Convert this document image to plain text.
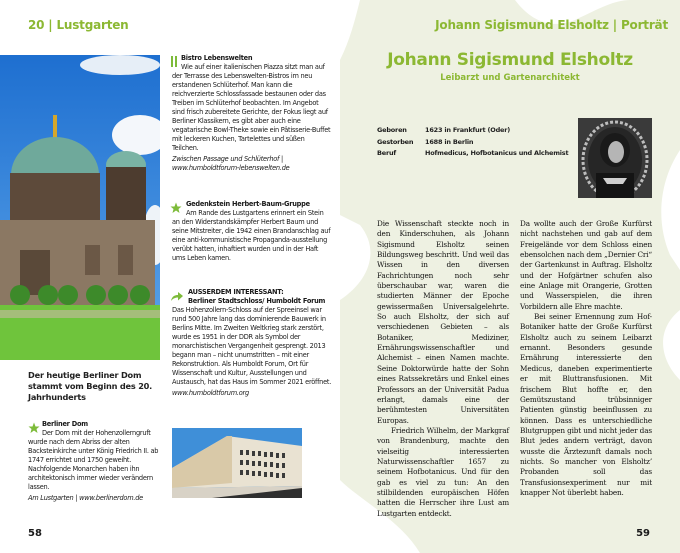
20 | Lustgarten
Der heutige Berliner Dom stammt vom Beginn des 20. Jahrhunderts
Bistro Lebenswelten
Wie auf einer italienischen Piazza sitzt man auf der Terrasse des Lebenswelten-Bistros im neu erstandenen Schlüterhof. Man kann die reichverzierte Schlossfassade bestaunen oder das Treiben im Schlüterhof beobachten. Im Angebot sind frisch zubereitete Gerichte, der Fokus liegt auf Berliner Klassikern, es gibt aber auch eine vegatarische Bowl-Theke sowie ein Pâtisserie-Buffet mit leckeren Kuchen, Tartelettes und süßen Teilchen.
Zwischen Passage und Schlüterhof | www.humboldtforum-lebenswelten.de
Gedenkstein Herbert-Baum-Gruppe
Am Rande des Lustgartens erinnert ein Stein an den Widerstandskämpfer Herbert Baum und seine Mitstreiter, die 1942 einen Brandanschlag auf eine anti-kommunistische Propaganda-ausstellung verübt hatten, inhaftiert wurden und in der Haft ums Leben kamen.
AUSSERDEM INTERESSANT:
Berliner Stadtschloss/ Humboldt Forum
Das Hohenzollern-Schloss auf der Spreeinsel war rund 500 Jahre lang das dominierende Bauwerk in Berlins Mitte. Im Zweiten Weltkrieg stark zerstört, wurde es 1951 in der DDR als Symbol der monarchistischen Vergangenheit gesprengt. 2013 begann man – nicht unumstritten – mit einer Rekonstruktion. Als Humboldt Forum, Ort für Wissenschaft und Kultur, Ausstellungen und Austausch, hat das Haus im Sommer 2021 eröffnet.
www.humboldtforum.org
Berliner Dom
Der Dom mit der Hohenzollerngruft wurde nach dem Abriss der alten Backsteinkirche unter König Friedrich II. ab 1747 errichtet und 1750 geweiht. Nachfolgende Monarchen haben ihn architektonisch immer wieder verändern lassen.
Am Lustgarten | www.berlinerdom.de
58
Johann Sigismund Elsholtz | Porträt
Johann Sigismund Elsholtz
Leibarzt und Gartenarchitekt
Geboren	1623 in Frankfurt (Oder)
Gestorben	1688 in Berlin
Beruf	Hofmedicus, Hofbotanicus und Alchemist

Die Wissenschaft steckte noch in den Kinderschuhen, als Johann Sigismund Elsholtz seinen Bildungsweg beschritt. Und weil das Wissen in den diversen Fachrichtungen noch sehr überschaubar war, waren die studierten Männer der Epoche gewissermaßen Universalgelehrte. So auch Elsholtz, der sich auf verschiedenen Gebieten – als Botaniker, Mediziner, Ernährungswissenschaftler und Alchemist – einen Namen machte. Seine Doktorwürde hatte der Sohn eines Ratssekretärs und Enkel eines Professors an der Universität Padua erlangt, damals eine der berühmtesten Universitäten Europas.

Friedrich Wilhelm, der Markgraf von Brandenburg, machte den vielseitig interessierten Naturwissenschaftler 1657 zu seinem Hofbotanicus. Und für den gab es viel zu tun: An den stilbildenden europäischen Höfen hatten die Herrscher ihre Lust am Lustgarten entdeckt.

Da wollte auch der Große Kurfürst nicht nachstehen und gab auf dem Freigelände vor dem Schloss einen ebensolchen nach dem „Dernier Cri“ der Gartenkunst in Auftrag. Elsholtz und der Hofgärtner schufen also eine Anlage mit Orangerie, Grotten und Wasserspielen, die ihren Vorbildern alle Ehre machte.

Bei seiner Ernennung zum Hof-Botaniker hatte der Große Kurfürst Elsholtz auch zu seinem Leibarzt ernannt. Besonders gesunde Ernährung interessierte den Medicus, daneben experimentierte er mit Bluttransfusionen. Mit frischem Blut hoffte er, den Gemütszustand trübsinniger Patienten günstig beeinflussen zu können. Dass es unterschiedliche Blutgruppen gibt und nicht jeder das Blut jedes andern verträgt, davon wusste die Ärztezunft damals noch nichts. So mancher von Elsholtz’ Probanden soll das Transfusionsexperiment nur mit knapper Not überlebt haben.

59
